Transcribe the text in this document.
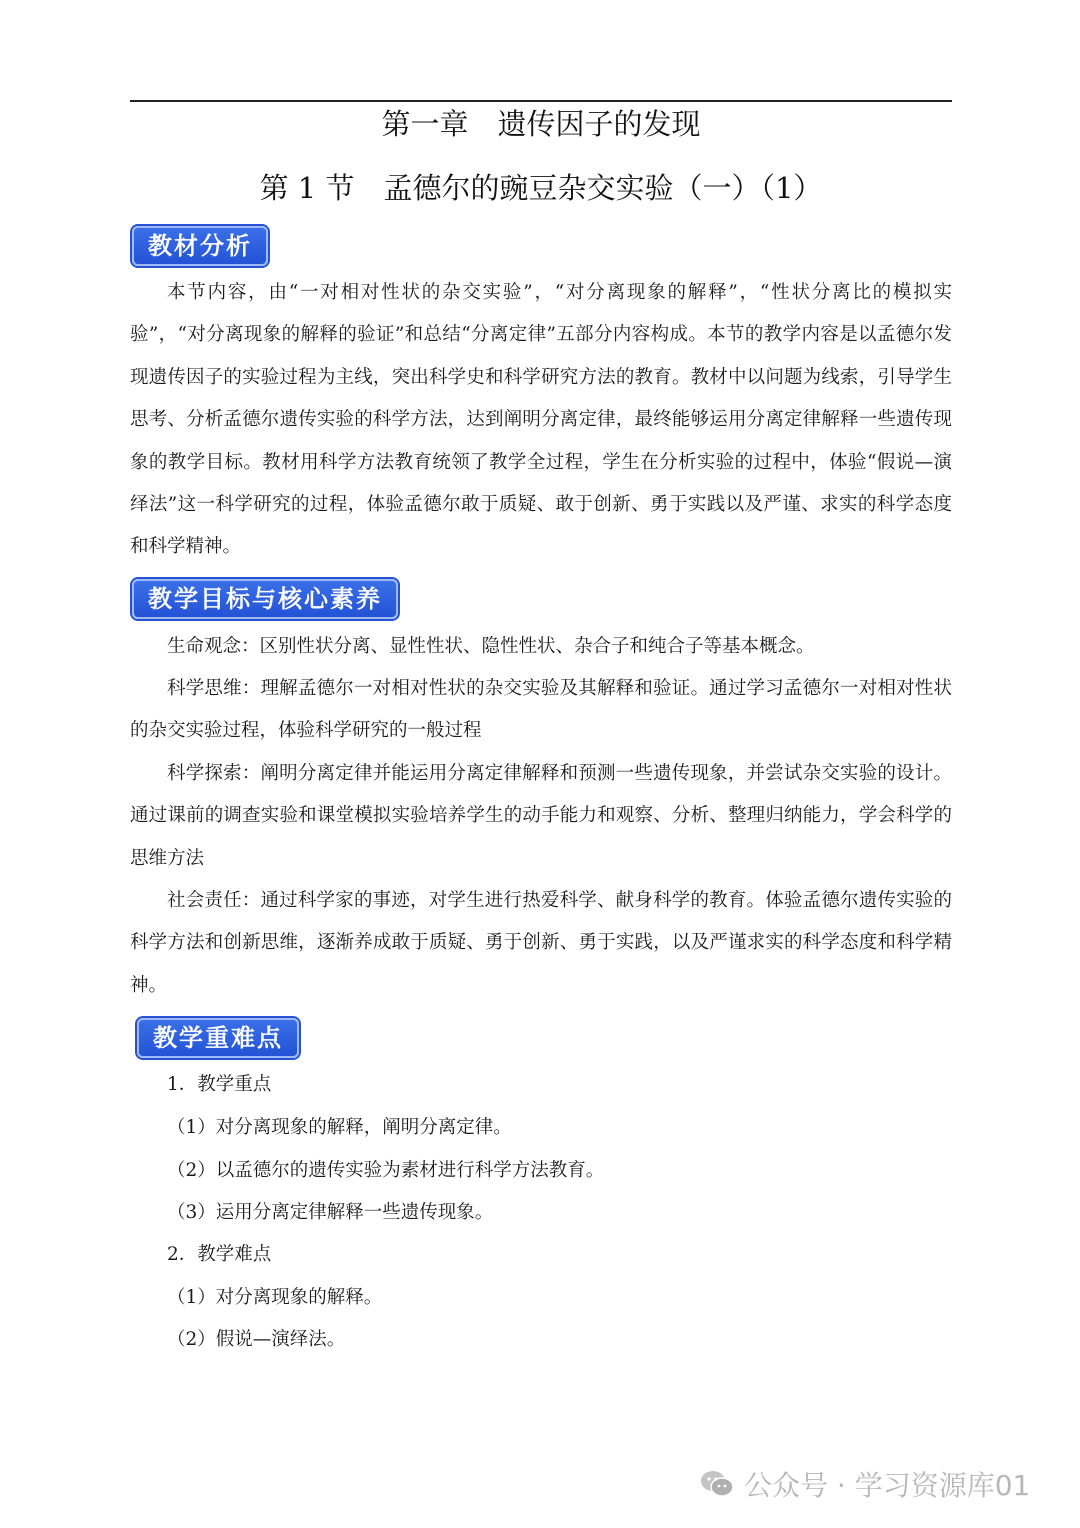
第一章　遗传因子的发现
第 1 节　孟德尔的豌豆杂交实验（一）（1）
教材分析

本节内容，由“一对相对性状的杂交实验”，“对分离现象的解释”，“性状分离比的模拟实验”，“对分离现象的解释的验证”和总结“分离定律”五部分内容构成。本节的教学内容是以孟德尔发现遗传因子的实验过程为主线，突出科学史和科学研究方法的教育。教材中以问题为线索，引导学生思考、分析孟德尔遗传实验的科学方法，达到阐明分离定律，最终能够运用分离定律解释一些遗传现象的教学目标。教材用科学方法教育统领了教学全过程，学生在分析实验的过程中，体验“假说—演绎法”这一科学研究的过程，体验孟德尔敢于质疑、敢于创新、勇于实践以及严谨、求实的科学态度和科学精神。

教学目标与核心素养

生命观念：区别性状分离、显性性状、隐性性状、杂合子和纯合子等基本概念。

科学思维：理解孟德尔一对相对性状的杂交实验及其解释和验证。通过学习孟德尔一对相对性状的杂交实验过程，体验科学研究的一般过程

科学探索：阐明分离定律并能运用分离定律解释和预测一些遗传现象，并尝试杂交实验的设计。通过课前的调查实验和课堂模拟实验培养学生的动手能力和观察、分析、整理归纳能力，学会科学的思维方法

社会责任：通过科学家的事迹，对学生进行热爱科学、献身科学的教育。体验孟德尔遗传实验的科学方法和创新思维，逐渐养成敢于质疑、勇于创新、勇于实践，以及严谨求实的科学态度和科学精神。

教学重难点

1．教学重点

（1）对分离现象的解释，阐明分离定律。

（2）以孟德尔的遗传实验为素材进行科学方法教育。

（3）运用分离定律解释一些遗传现象。

2．教学难点

（1）对分离现象的解释。

（2）假说—演绎法。

公众号 · 学习资源库01
